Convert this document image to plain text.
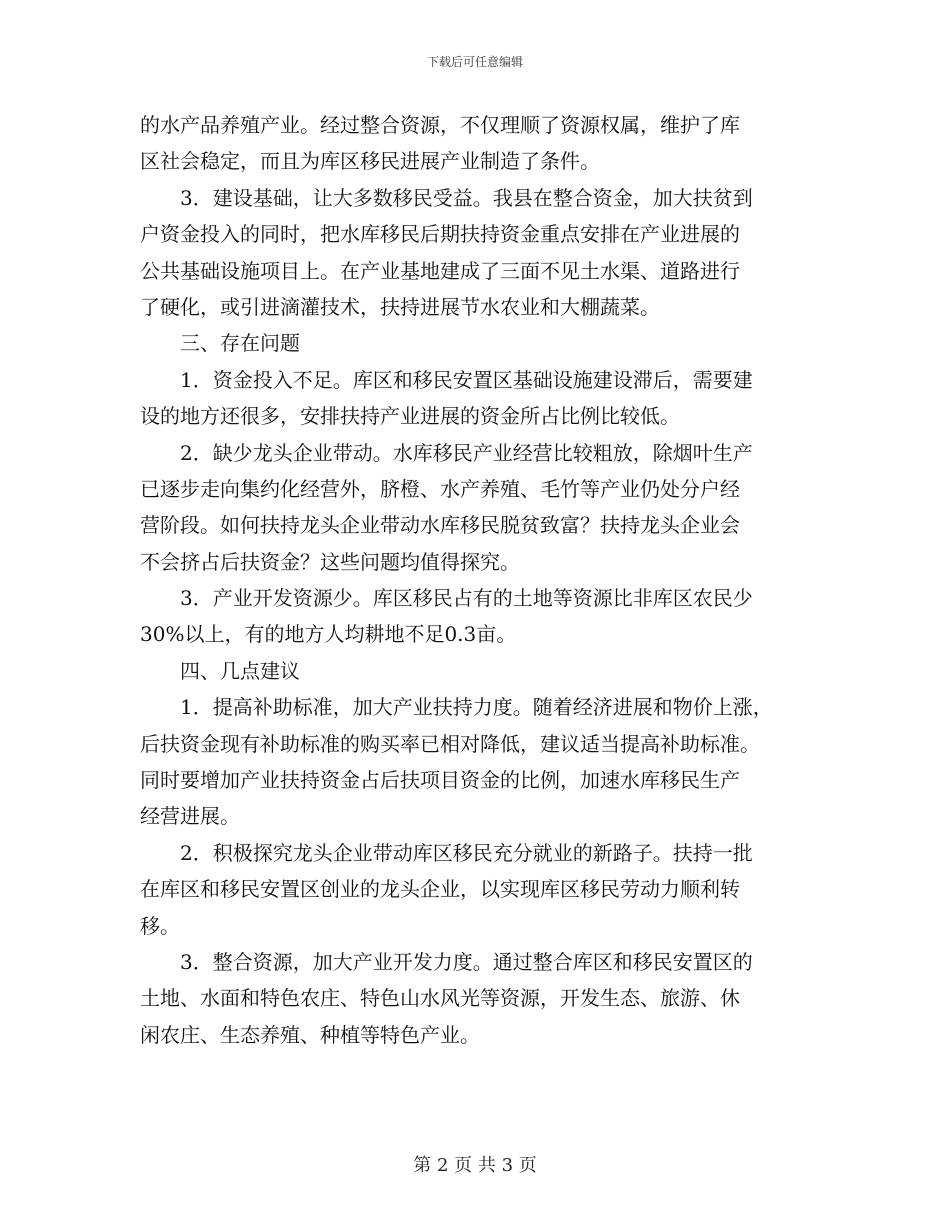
下载后可任意编辑
的水产品养殖产业。经过整合资源，不仅理顺了资源权属，维护了库
区社会稳定，而且为库区移民进展产业制造了条件。
3．建设基础，让大多数移民受益。我县在整合资金，加大扶贫到
户资金投入的同时，把水库移民后期扶持资金重点安排在产业进展的
公共基础设施项目上。在产业基地建成了三面不见土水渠、道路进行
了硬化，或引进滴灌技术，扶持进展节水农业和大棚蔬菜。
三、存在问题
1．资金投入不足。库区和移民安置区基础设施建设滞后，需要建
设的地方还很多，安排扶持产业进展的资金所占比例比较低。
2．缺少龙头企业带动。水库移民产业经营比较粗放，除烟叶生产
已逐步走向集约化经营外，脐橙、水产养殖、毛竹等产业仍处分户经
营阶段。如何扶持龙头企业带动水库移民脱贫致富？扶持龙头企业会
不会挤占后扶资金？这些问题均值得探究。
3．产业开发资源少。库区移民占有的土地等资源比非库区农民少
30%以上，有的地方人均耕地不足0.3亩。
四、几点建议
1．提高补助标准，加大产业扶持力度。随着经济进展和物价上涨，
后扶资金现有补助标准的购买率已相对降低，建议适当提高补助标准。
同时要增加产业扶持资金占后扶项目资金的比例，加速水库移民生产
经营进展。
2．积极探究龙头企业带动库区移民充分就业的新路子。扶持一批
在库区和移民安置区创业的龙头企业，以实现库区移民劳动力顺利转
移。
3．整合资源，加大产业开发力度。通过整合库区和移民安置区的
土地、水面和特色农庄、特色山水风光等资源，开发生态、旅游、休
闲农庄、生态养殖、种植等特色产业。
第 2 页 共 3 页
